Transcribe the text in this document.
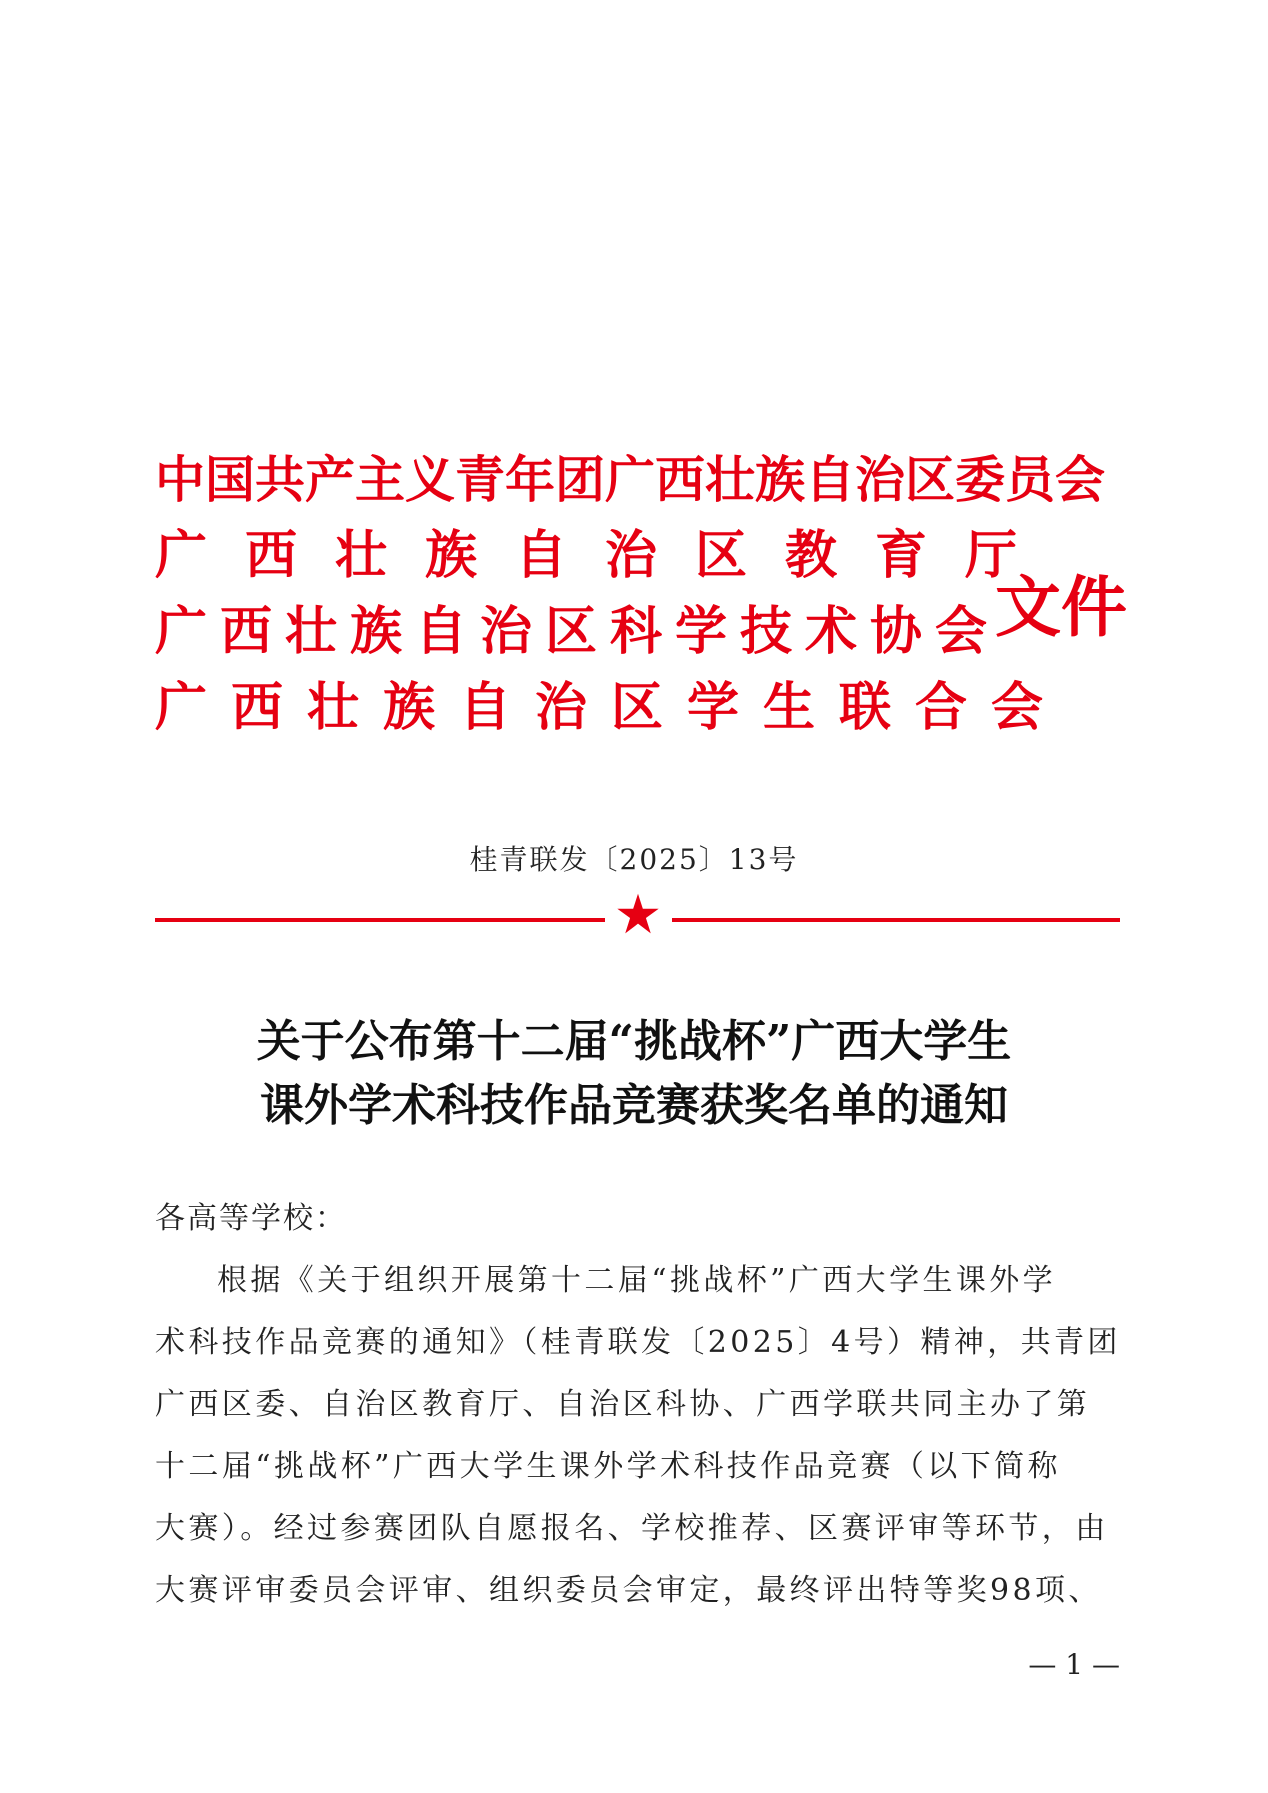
中国共产主义青年团广西壮族自治区委员会
广西壮族自治区教育厅
广西壮族自治区科学技术协会
广西壮族自治区学生联合会
文件
桂青联发〔2025〕13号
关于公布第十二届“挑战杯”广西大学生
课外学术科技作品竞赛获奖名单的通知
各高等学校：
根据《关于组织开展第十二届“挑战杯”广西大学生课外学
术科技作品竞赛的通知》（桂青联发〔2025〕4号）精神，共青团
广西区委、自治区教育厅、自治区科协、广西学联共同主办了第
十二届“挑战杯”广西大学生课外学术科技作品竞赛（以下简称
大赛）。经过参赛团队自愿报名、学校推荐、区赛评审等环节，由
大赛评审委员会评审、组织委员会审定，最终评出特等奖98项、
— 1 —
